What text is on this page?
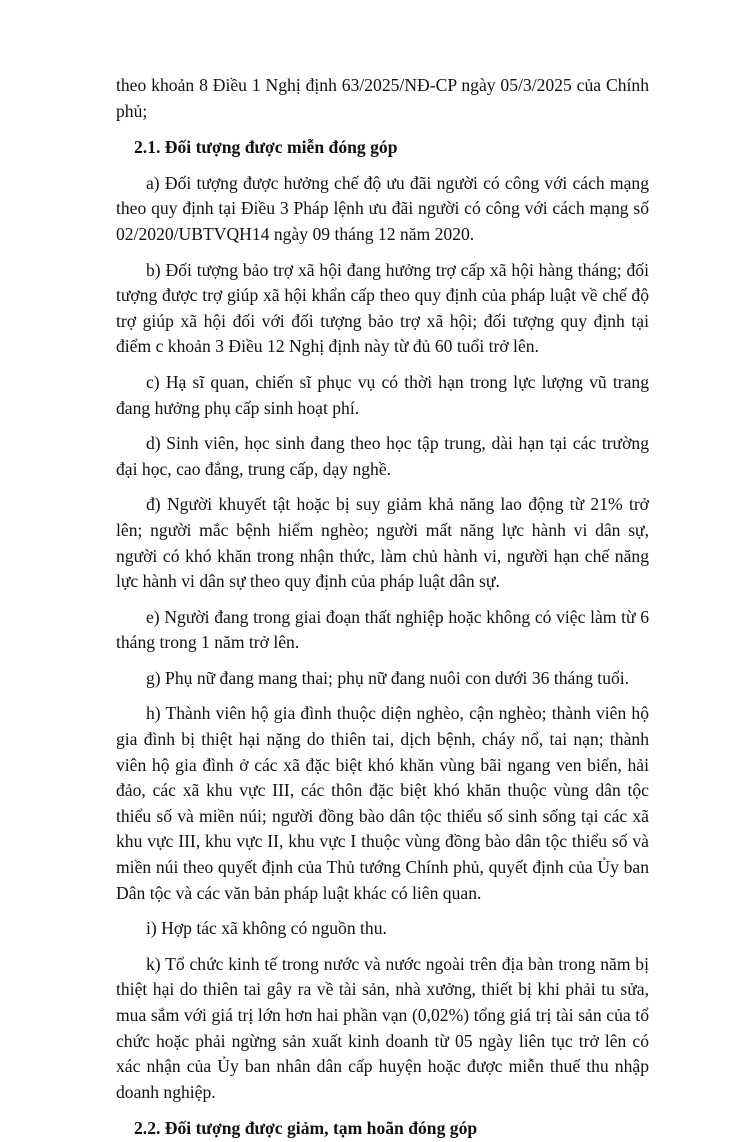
theo khoản 8 Điều 1 Nghị định 63/2025/NĐ-CP ngày 05/3/2025 của Chính phủ;

2.1. Đối tượng được miễn đóng góp

a) Đối tượng được hưởng chế độ ưu đãi người có công với cách mạng theo quy định tại Điều 3 Pháp lệnh ưu đãi người có công với cách mạng số 02/2020/UBTVQH14 ngày 09 tháng 12 năm 2020.

b) Đối tượng bảo trợ xã hội đang hưởng trợ cấp xã hội hàng tháng; đối tượng được trợ giúp xã hội khẩn cấp theo quy định của pháp luật về chế độ trợ giúp xã hội đối với đối tượng bảo trợ xã hội; đối tượng quy định tại điểm c khoản 3 Điều 12 Nghị định này từ đủ 60 tuổi trở lên.

c) Hạ sĩ quan, chiến sĩ phục vụ có thời hạn trong lực lượng vũ trang đang hưởng phụ cấp sinh hoạt phí.

d) Sinh viên, học sinh đang theo học tập trung, dài hạn tại các trường đại học, cao đẳng, trung cấp, dạy nghề.

đ) Người khuyết tật hoặc bị suy giảm khả năng lao động từ 21% trở lên; người mắc bệnh hiểm nghèo; người mất năng lực hành vi dân sự, người có khó khăn trong nhận thức, làm chủ hành vi, người hạn chế năng lực hành vi dân sự theo quy định của pháp luật dân sự.

e) Người đang trong giai đoạn thất nghiệp hoặc không có việc làm từ 6 tháng trong 1 năm trở lên.

g) Phụ nữ đang mang thai; phụ nữ đang nuôi con dưới 36 tháng tuổi.

h) Thành viên hộ gia đình thuộc diện nghèo, cận nghèo; thành viên hộ gia đình bị thiệt hại nặng do thiên tai, dịch bệnh, cháy nổ, tai nạn; thành viên hộ gia đình ở các xã đặc biệt khó khăn vùng bãi ngang ven biển, hải đảo, các xã khu vực III, các thôn đặc biệt khó khăn thuộc vùng dân tộc thiểu số và miền núi; người đồng bào dân tộc thiểu số sinh sống tại các xã khu vực III, khu vực II, khu vực I thuộc vùng đồng bào dân tộc thiểu số và miền núi theo quyết định của Thủ tướng Chính phủ, quyết định của Ủy ban Dân tộc và các văn bản pháp luật khác có liên quan.

i) Hợp tác xã không có nguồn thu.

k) Tổ chức kinh tế trong nước và nước ngoài trên địa bàn trong năm bị thiệt hại do thiên tai gây ra về tài sản, nhà xưởng, thiết bị khi phải tu sửa, mua sắm với giá trị lớn hơn hai phần vạn (0,02%) tổng giá trị tài sản của tổ chức hoặc phải ngừng sản xuất kinh doanh từ 05 ngày liên tục trở lên có xác nhận của Ủy ban nhân dân cấp huyện hoặc được miễn thuế thu nhập doanh nghiệp.

2.2. Đối tượng được giảm, tạm hoãn đóng góp
